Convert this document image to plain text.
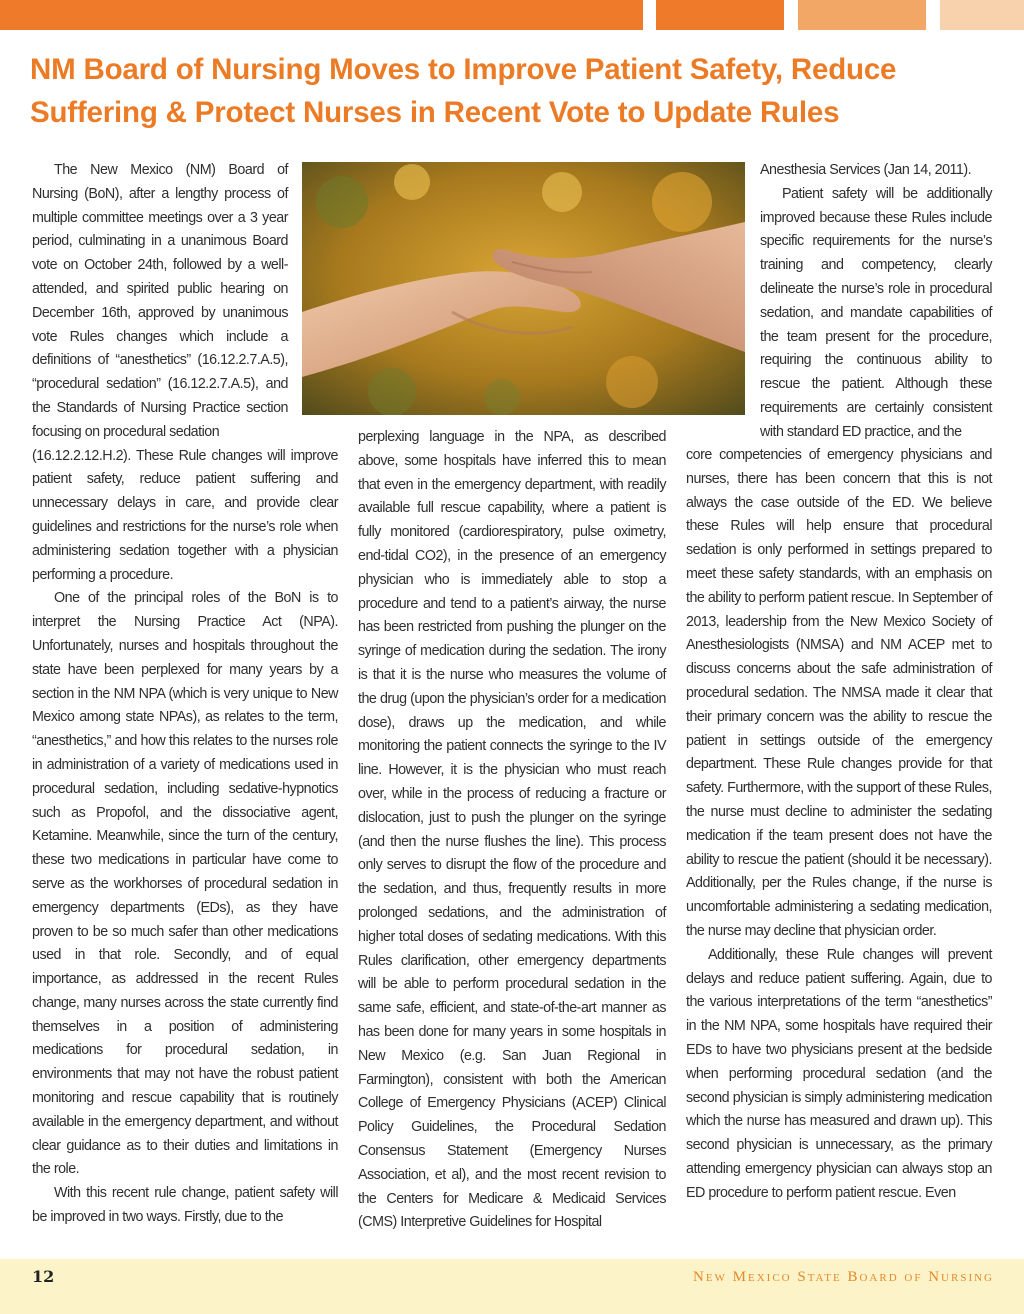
NM Board of Nursing Moves to Improve Patient Safety, Reduce
Suffering & Protect Nurses in Recent Vote to Update Rules

The New Mexico (NM) Board of Nursing (BoN), after a lengthy process of multiple committee meetings over a 3 year period, culminating in a unanimous Board vote on October 24th, followed by a well-attended, and spirited public hearing on December 16th, approved by unanimous vote Rules changes which include a definitions of “anesthetics” (16.12.2.7.A.5), “procedural sedation” (16.12.2.7.A.5), and the Standards of Nursing Practice section focusing on procedural sedation

(16.12.2.12.H.2). These Rule changes will improve patient safety, reduce patient suffering and unnecessary delays in care, and provide clear guidelines and restrictions for the nurse’s role when administering sedation together with a physician performing a procedure.

One of the principal roles of the BoN is to interpret the Nursing Practice Act (NPA). Unfortunately, nurses and hospitals throughout the state have been perplexed for many years by a section in the NM NPA (which is very unique to New Mexico among state NPAs), as relates to the term, “anesthetics,” and how this relates to the nurses role in administration of a variety of medications used in procedural sedation, including sedative-hypnotics such as Propofol, and the dissociative agent, Ketamine. Meanwhile, since the turn of the century, these two medications in particular have come to serve as the workhorses of procedural sedation in emergency departments (EDs), as they have proven to be so much safer than other medications used in that role. Secondly, and of equal importance, as addressed in the recent Rules change, many nurses across the state currently find themselves in a position of administering medications for procedural sedation, in environments that may not have the robust patient monitoring and rescue capability that is routinely available in the emergency department, and without clear guidance as to their duties and limitations in the role.

With this recent rule change, patient safety will be improved in two ways. Firstly, due to the

perplexing language in the NPA, as described above, some hospitals have inferred this to mean that even in the emergency department, with readily available full rescue capability, where a patient is fully monitored (cardiorespiratory, pulse oximetry, end-tidal CO2), in the presence of an emergency physician who is immediately able to stop a procedure and tend to a patient’s airway, the nurse has been restricted from pushing the plunger on the syringe of medication during the sedation. The irony is that it is the nurse who measures the volume of the drug (upon the physician’s order for a medication dose), draws up the medication, and while monitoring the patient connects the syringe to the IV line. However, it is the physician who must reach over, while in the process of reducing a fracture or dislocation, just to push the plunger on the syringe (and then the nurse flushes the line). This process only serves to disrupt the flow of the procedure and the sedation, and thus, frequently results in more prolonged sedations, and the administration of higher total doses of sedating medications. With this Rules clarification, other emergency departments will be able to perform procedural sedation in the same safe, efficient, and state-of-the-art manner as has been done for many years in some hospitals in New Mexico (e.g. San Juan Regional in Farmington), consistent with both the American College of Emergency Physicians (ACEP) Clinical Policy Guidelines, the Procedural Sedation Consensus Statement (Emergency Nurses Association, et al), and the most recent revision to the Centers for Medicare & Medicaid Services (CMS) Interpretive Guidelines for Hospital

Anesthesia Services (Jan 14, 2011).

Patient safety will be additionally improved because these Rules include specific requirements for the nurse’s training and competency, clearly delineate the nurse’s role in procedural sedation, and mandate capabilities of the team present for the procedure, requiring the continuous ability to rescue the patient. Although these requirements are certainly consistent with standard ED practice, and the

core competencies of emergency physicians and nurses, there has been concern that this is not always the case outside of the ED. We believe these Rules will help ensure that procedural sedation is only performed in settings prepared to meet these safety standards, with an emphasis on the ability to perform patient rescue. In September of 2013, leadership from the New Mexico Society of Anesthesiologists (NMSA) and NM ACEP met to discuss concerns about the safe administration of procedural sedation. The NMSA made it clear that their primary concern was the ability to rescue the patient in settings outside of the emergency department. These Rule changes provide for that safety. Furthermore, with the support of these Rules, the nurse must decline to administer the sedating medication if the team present does not have the ability to rescue the patient (should it be necessary). Additionally, per the Rules change, if the nurse is uncomfortable administering a sedating medication, the nurse may decline that physician order.

Additionally, these Rule changes will prevent delays and reduce patient suffering. Again, due to the various interpretations of the term “anesthetics” in the NM NPA, some hospitals have required their EDs to have two physicians present at the bedside when performing procedural sedation (and the second physician is simply administering medication which the nurse has measured and drawn up). This second physician is unnecessary, as the primary attending emergency physician can always stop an ED procedure to perform patient rescue. Even

12	New Mexico State Board of Nursing
